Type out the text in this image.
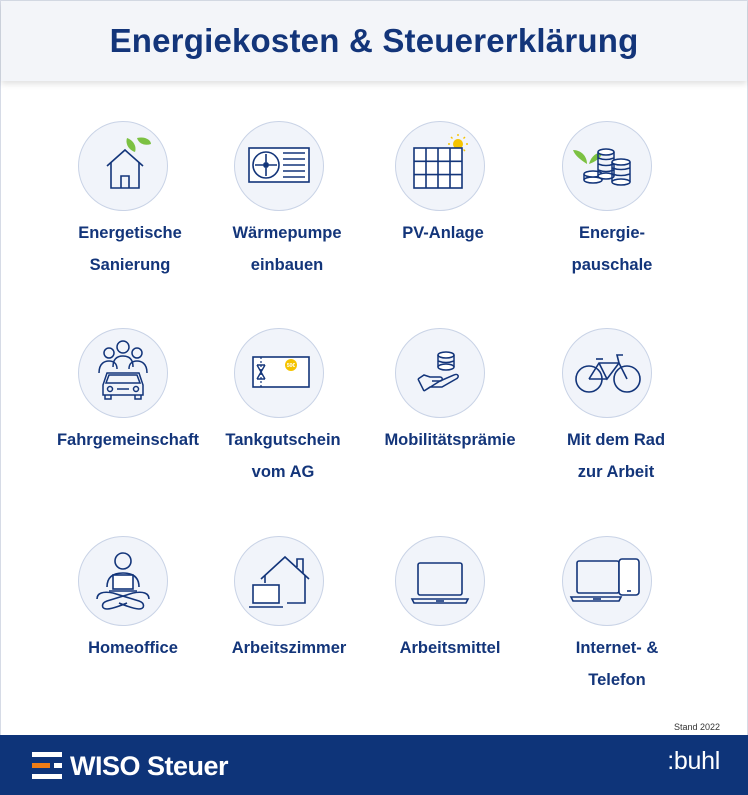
Energiekosten & Steuererklärung
Energetische
Sanierung
Wärmepumpe
einbauen
PV-Anlage	Energie-
pauschale
Fahrgemeinschaft
50€
Tankgutschein
vom AG
Mobilitätsprämie	Mit dem Rad
zur Arbeit
Homeoffice	Arbeitszimmer	Arbeitsmittel	Internet- &
Telefon
Stand 2022
WISO Steuer	:buhl
